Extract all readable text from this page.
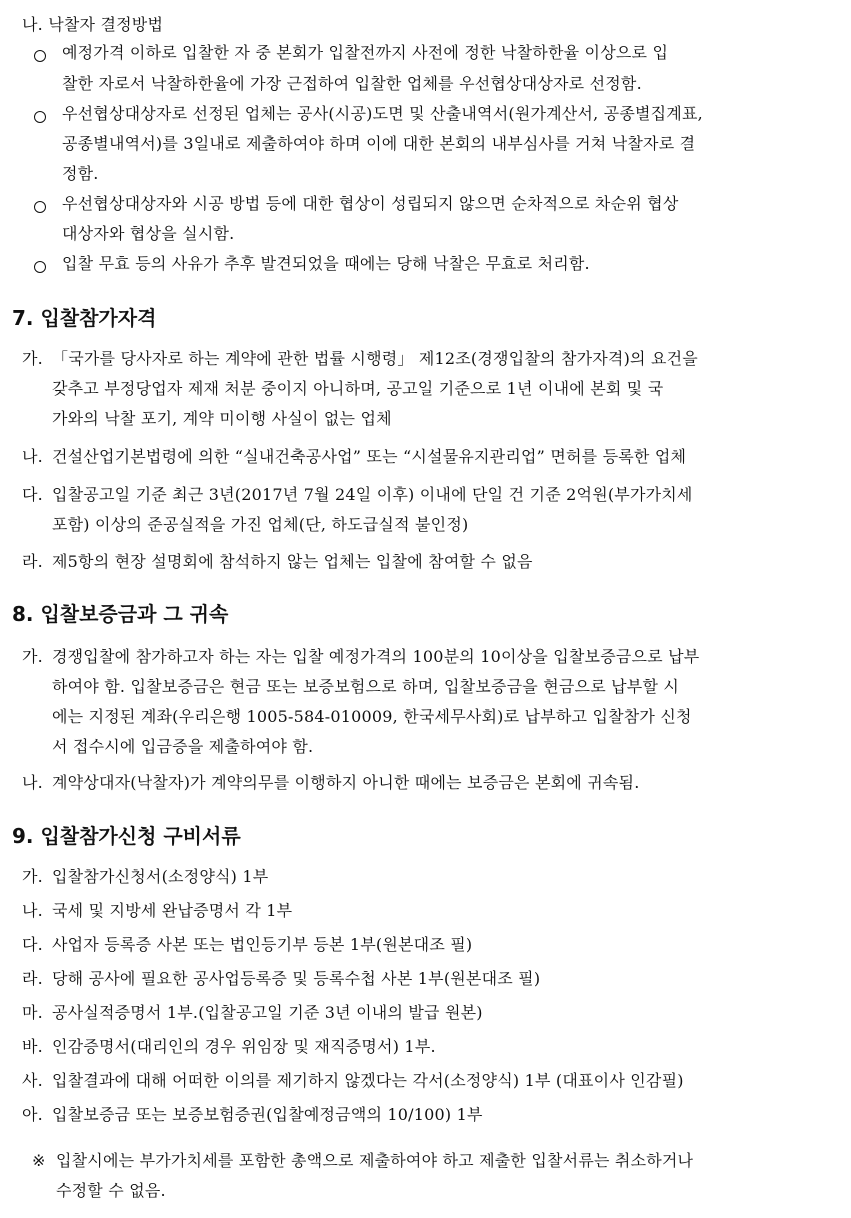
나. 낙찰자 결정방법
예정가격 이하로 입찰한 자 중 본회가 입찰전까지 사전에 정한 낙찰하한율 이상으로 입
찰한 자로서 낙찰하한율에 가장 근접하여 입찰한 업체를 우선협상대상자로 선정함.
우선협상대상자로 선정된 업체는 공사(시공)도면 및 산출내역서(원가계산서, 공종별집계표,
공종별내역서)를 3일내로 제출하여야 하며 이에 대한 본회의 내부심사를 거쳐 낙찰자로 결
정함.
우선협상대상자와 시공 방법 등에 대한 협상이 성립되지 않으면 순차적으로 차순위 협상
대상자와 협상을 실시함.
입찰 무효 등의 사유가 추후 발견되었을 때에는 당해 낙찰은 무효로 처리함.
7. 입찰참가자격
가. 「국가를 당사자로 하는 계약에 관한 법률 시행령」 제12조(경쟁입찰의 참가자격)의 요건을
갖추고 부정당업자 제재 처분 중이지 아니하며, 공고일 기준으로 1년 이내에 본회 및 국
가와의 낙찰 포기, 계약 미이행 사실이 없는 업체
나. 건설산업기본법령에 의한 “실내건축공사업” 또는 “시설물유지관리업” 면허를 등록한 업체
다. 입찰공고일 기준 최근 3년(2017년 7월 24일 이후) 이내에 단일 건 기준 2억원(부가가치세
포함) 이상의 준공실적을 가진 업체(단, 하도급실적 불인정)
라. 제5항의 현장 설명회에 참석하지 않는 업체는 입찰에 참여할 수 없음
8. 입찰보증금과 그 귀속
가. 경쟁입찰에 참가하고자 하는 자는 입찰 예정가격의 100분의 10이상을 입찰보증금으로 납부
하여야 함. 입찰보증금은 현금 또는 보증보험으로 하며, 입찰보증금을 현금으로 납부할 시
에는 지정된 계좌(우리은행 1005-584-010009, 한국세무사회)로 납부하고 입찰참가 신청
서 접수시에 입금증을 제출하여야 함.
나. 계약상대자(낙찰자)가 계약의무를 이행하지 아니한 때에는 보증금은 본회에 귀속됨.
9. 입찰참가신청 구비서류
가. 입찰참가신청서(소정양식) 1부
나. 국세 및 지방세 완납증명서 각 1부
다. 사업자 등록증 사본 또는 법인등기부 등본 1부(원본대조 필)
라. 당해 공사에 필요한 공사업등록증 및 등록수첩 사본 1부(원본대조 필)
마. 공사실적증명서 1부.(입찰공고일 기준 3년 이내의 발급 원본)
바. 인감증명서(대리인의 경우 위임장 및 재직증명서) 1부.
사. 입찰결과에 대해 어떠한 이의를 제기하지 않겠다는 각서(소정양식) 1부 (대표이사 인감필)
아. 입찰보증금 또는 보증보험증권(입찰예정금액의 10/100) 1부
※ 입찰시에는 부가가치세를 포함한 총액으로 제출하여야 하고 제출한 입찰서류는 취소하거나
수정할 수 없음.
